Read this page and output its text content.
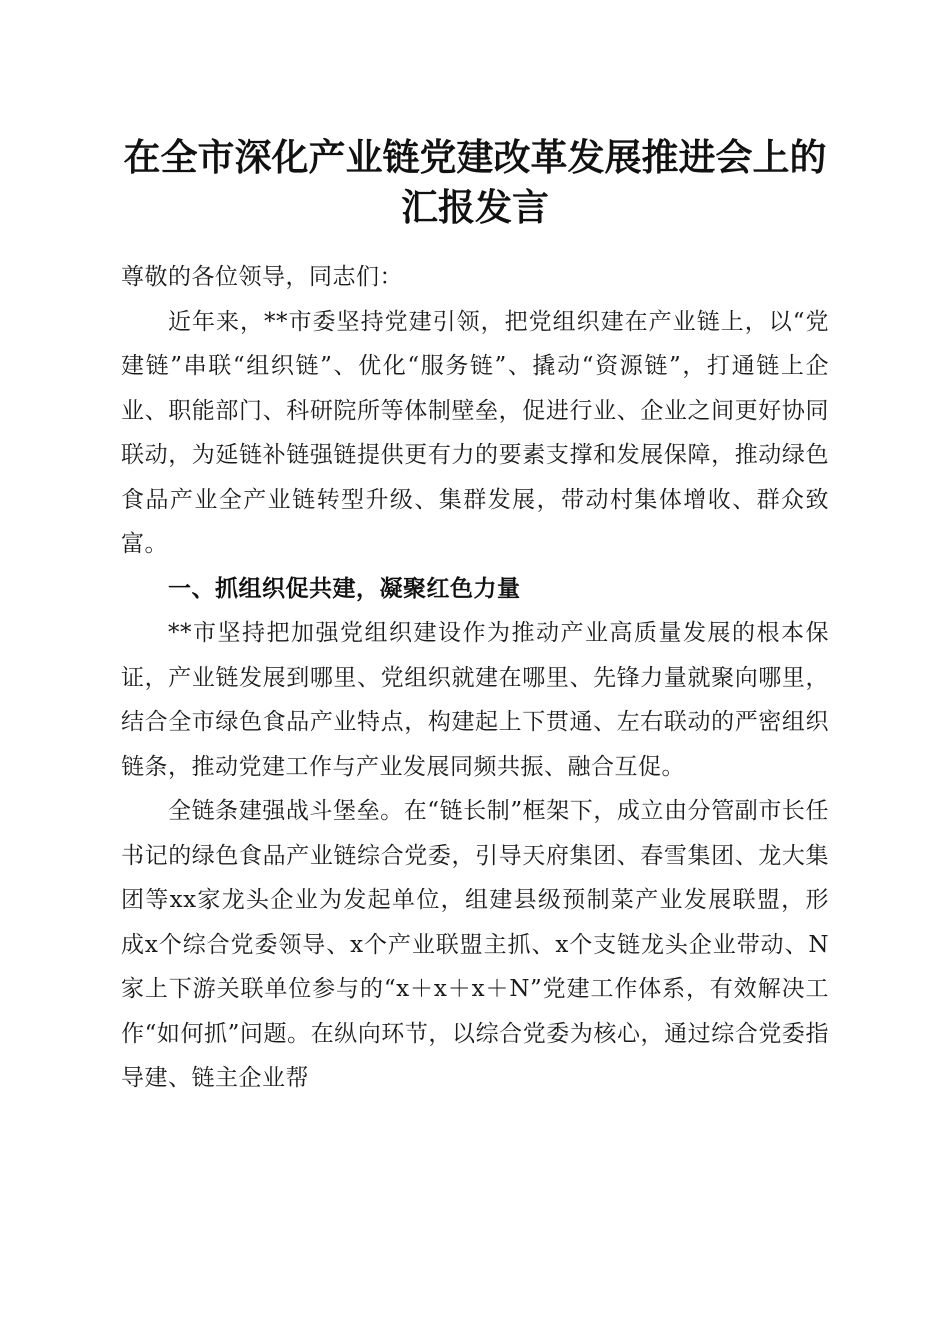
在全市深化产业链党建改革发展推进会上的汇报发言

尊敬的各位领导，同志们：

近年来，**市委坚持党建引领，把党组织建在产业链上，以“党建链”串联“组织链”、优化“服务链”、撬动“资源链”，打通链上企业、职能部门、科研院所等体制壁垒，促进行业、企业之间更好协同联动，为延链补链强链提供更有力的要素支撑和发展保障，推动绿色食品产业全产业链转型升级、集群发展，带动村集体增收、群众致富。

一、抓组织促共建，凝聚红色力量

**市坚持把加强党组织建设作为推动产业高质量发展的根本保证，产业链发展到哪里、党组织就建在哪里、先锋力量就聚向哪里，结合全市绿色食品产业特点，构建起上下贯通、左右联动的严密组织链条，推动党建工作与产业发展同频共振、融合互促。

全链条建强战斗堡垒。在“链长制”框架下，成立由分管副市长任书记的绿色食品产业链综合党委，引导天府集团、春雪集团、龙大集团等xx家龙头企业为发起单位，组建县级预制菜产业发展联盟，形成x个综合党委领导、x个产业联盟主抓、x个支链龙头企业带动、N家上下游关联单位参与的“x＋x＋x＋N”党建工作体系，有效解决工作“如何抓”问题。在纵向环节，以综合党委为核心，通过综合党委指导建、链主企业帮
